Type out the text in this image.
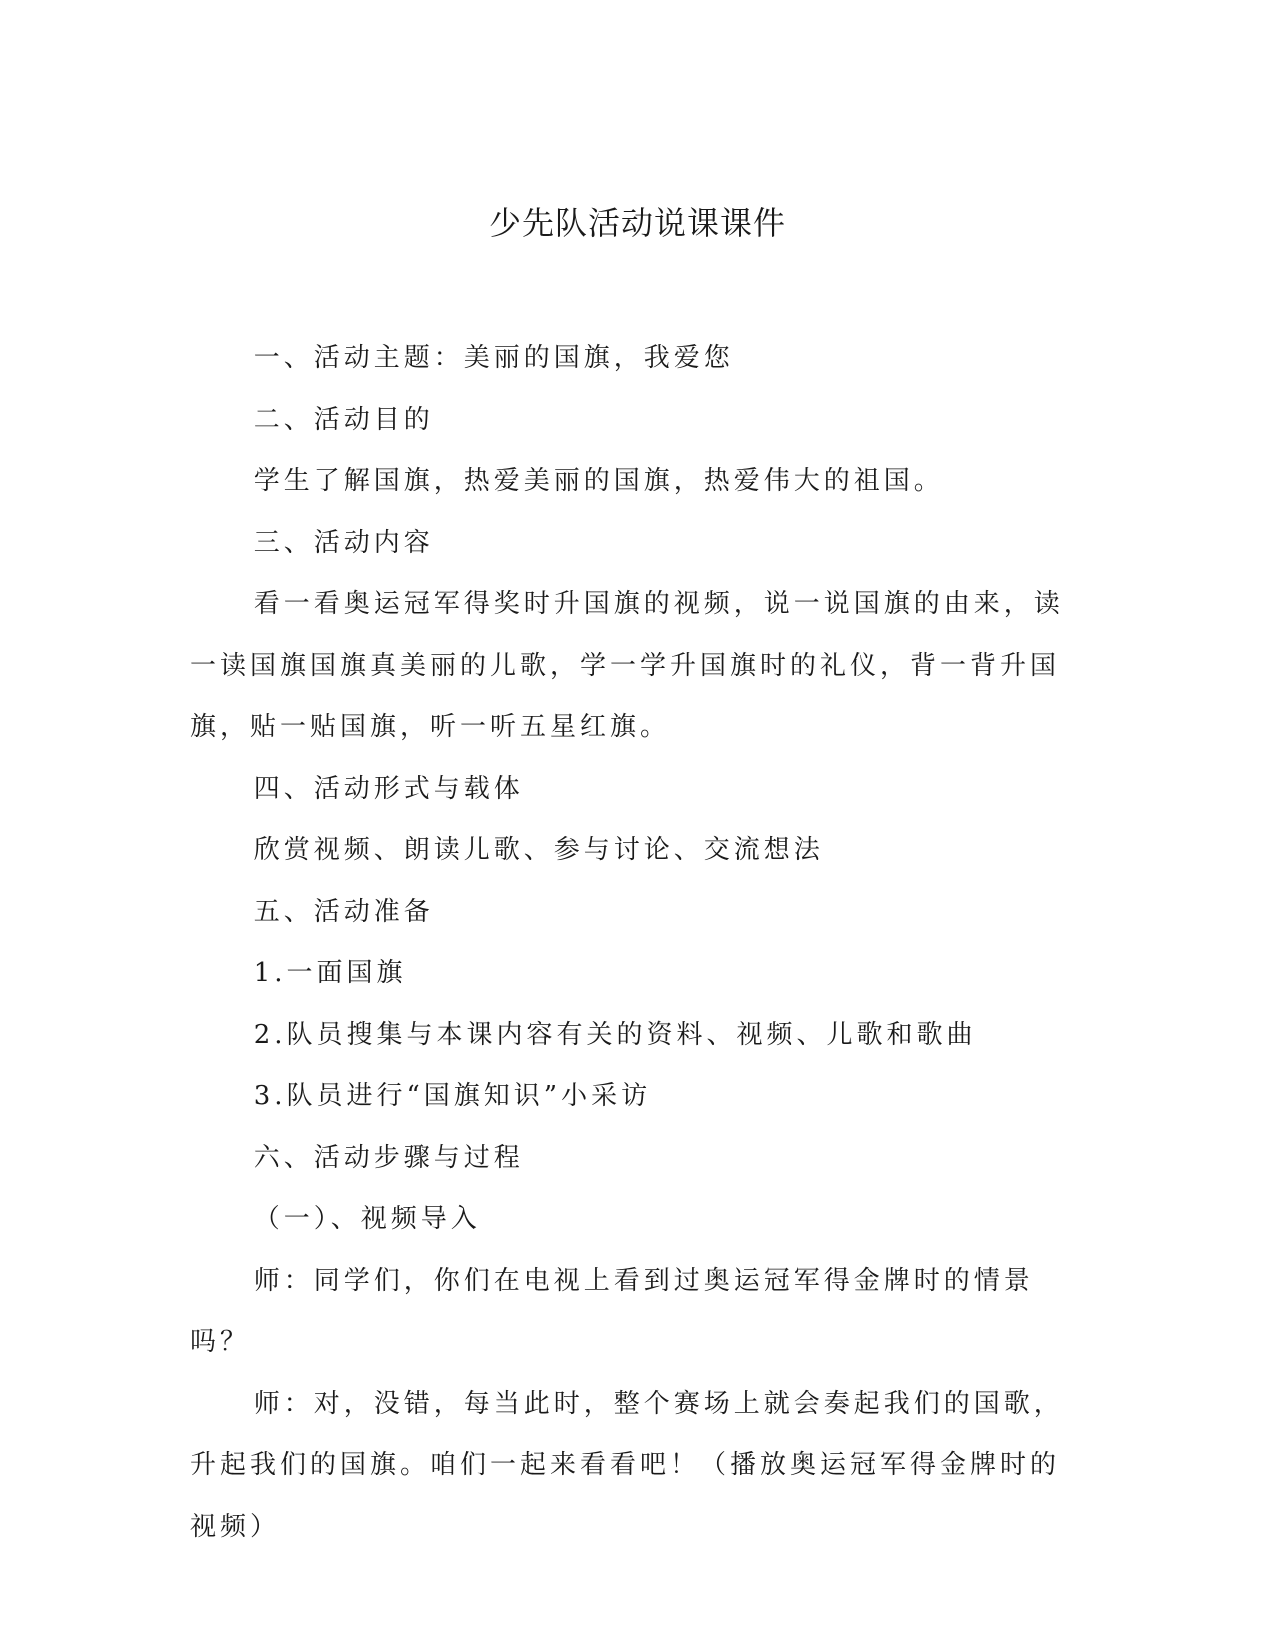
少先队活动说课课件

一、活动主题：美丽的国旗，我爱您

二、活动目的

学生了解国旗，热爱美丽的国旗，热爱伟大的祖国。

三、活动内容

看一看奥运冠军得奖时升国旗的视频，说一说国旗的由来，读一读国旗国旗真美丽的儿歌，学一学升国旗时的礼仪，背一背升国旗，贴一贴国旗，听一听五星红旗。

四、活动形式与载体

欣赏视频、朗读儿歌、参与讨论、交流想法

五、活动准备

1.一面国旗

2.队员搜集与本课内容有关的资料、视频、儿歌和歌曲

3.队员进行“国旗知识”小采访

六、活动步骤与过程

（一）、视频导入

师：同学们，你们在电视上看到过奥运冠军得金牌时的情景吗？

师：对，没错，每当此时，整个赛场上就会奏起我们的国歌，升起我们的国旗。咱们一起来看看吧！（播放奥运冠军得金牌时的视频）
